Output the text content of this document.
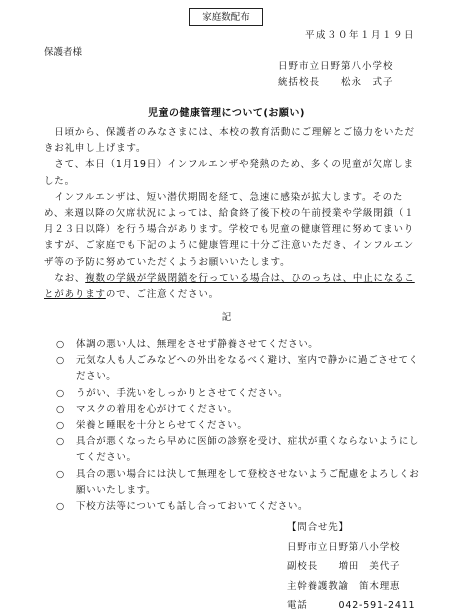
家庭数配布
平成３０年１月１９日
保護者様
日野市立日野第八小学校
統括校長　　松永　式子
児童の健康管理について(お願い)

　日頃から、保護者のみなさまには、本校の教育活動にご理解とご協力をいただきお礼申し上げます。

　さて、本日（1月19日）インフルエンザや発熱のため、多くの児童が欠席しました。

　インフルエンザは、短い潜伏期間を経て、急速に感染が拡大します。そのため、来週以降の欠席状況によっては、給食終了後下校の午前授業や学級閉鎖（１月２３日以降）を行う場合があります。学校でも児童の健康管理に努めてまいりますが、ご家庭でも下記のように健康管理に十分ご注意いただき、インフルエンザ等の予防に努めていただくようお願いいたします。

　なお、複数の学級が学級閉鎖を行っている場合は、ひのっちは、中止になることがありますので、ご注意ください。

記
○	体調の悪い人は、無理をさせず静養させてください。
○	元気な人も人ごみなどへの外出をなるべく避け、室内で静かに過ごさせてください。
○	うがい、手洗いをしっかりとさせてください。
○	マスクの着用を心がけてください。
○	栄養と睡眠を十分とらせてください。
○	具合が悪くなったら早めに医師の診察を受け、症状が重くならないようにしてください。
○	具合の悪い場合には決して無理をして登校させないようご配慮をよろしくお願いいたします。
○	下校方法等についても話し合っておいてください。
【問合せ先】
日野市立日野第八小学校
副校長　　増田　美代子
主幹養護教諭　笛木理恵
電話　　　042-591-2411
